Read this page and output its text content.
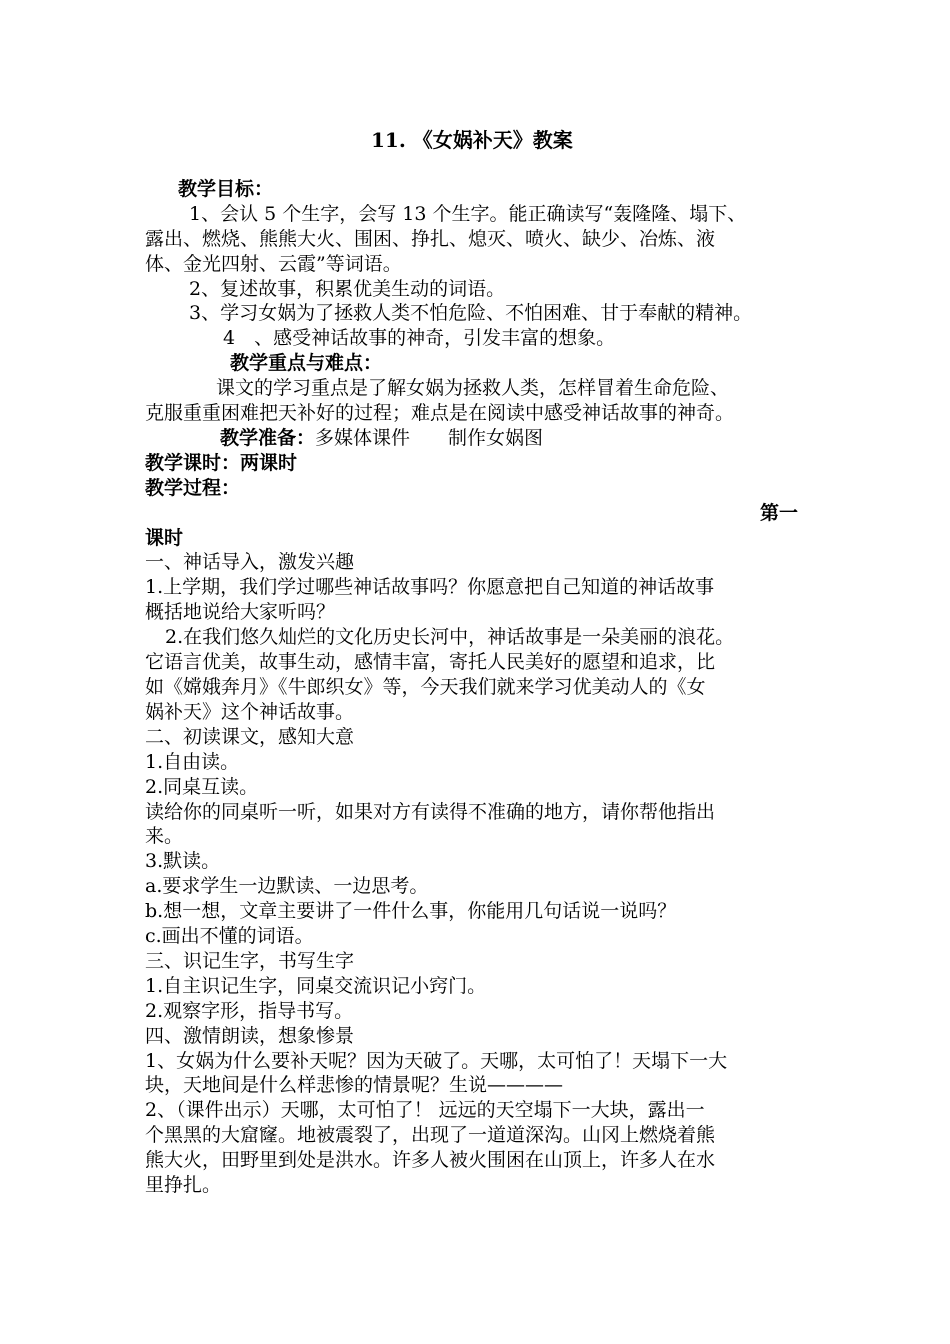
11. 《女娲补天》教案
教学目标：
1、会认 5 个生字，会写 13 个生字。能正确读写“轰隆隆、塌下、
露出、燃烧、熊熊大火、围困、挣扎、熄灭、喷火、缺少、冶炼、液
体、金光四射、云霞”等词语。
2、复述故事，积累优美生动的词语。
3、学习女娲为了拯救人类不怕危险、不怕困难、甘于奉献的精神。
4　、感受神话故事的神奇，引发丰富的想象。
教学重点与难点：
课文的学习重点是了解女娲为拯救人类，怎样冒着生命危险、
克服重重困难把天补好的过程；难点是在阅读中感受神话故事的神奇。
教学准备：多媒体课件　　制作女娲图
教学课时：两课时
教学过程：
第一
课时
一、神话导入，激发兴趣
1.上学期，我们学过哪些神话故事吗？你愿意把自己知道的神话故事
概括地说给大家听吗？
2.在我们悠久灿烂的文化历史长河中，神话故事是一朵美丽的浪花。
它语言优美，故事生动，感情丰富，寄托人民美好的愿望和追求，比
如《嫦娥奔月》《牛郎织女》等，今天我们就来学习优美动人的《女
娲补天》这个神话故事。
二、初读课文，感知大意
1.自由读。
2.同桌互读。
读给你的同桌听一听，如果对方有读得不准确的地方，请你帮他指出
来。
3.默读。
a.要求学生一边默读、一边思考。
b.想一想，文章主要讲了一件什么事，你能用几句话说一说吗？
c.画出不懂的词语。
三、识记生字，书写生字
1.自主识记生字，同桌交流识记小窍门。
2.观察字形，指导书写。
四、激情朗读，想象惨景
1、女娲为什么要补天呢？因为天破了。天哪，太可怕了！天塌下一大
块，天地间是什么样悲惨的情景呢？生说————
2、（课件出示）天哪，太可怕了！ 远远的天空塌下一大块，露出一
个黑黑的大窟窿。地被震裂了，出现了一道道深沟。山冈上燃烧着熊
熊大火，田野里到处是洪水。许多人被火围困在山顶上，许多人在水
里挣扎。
